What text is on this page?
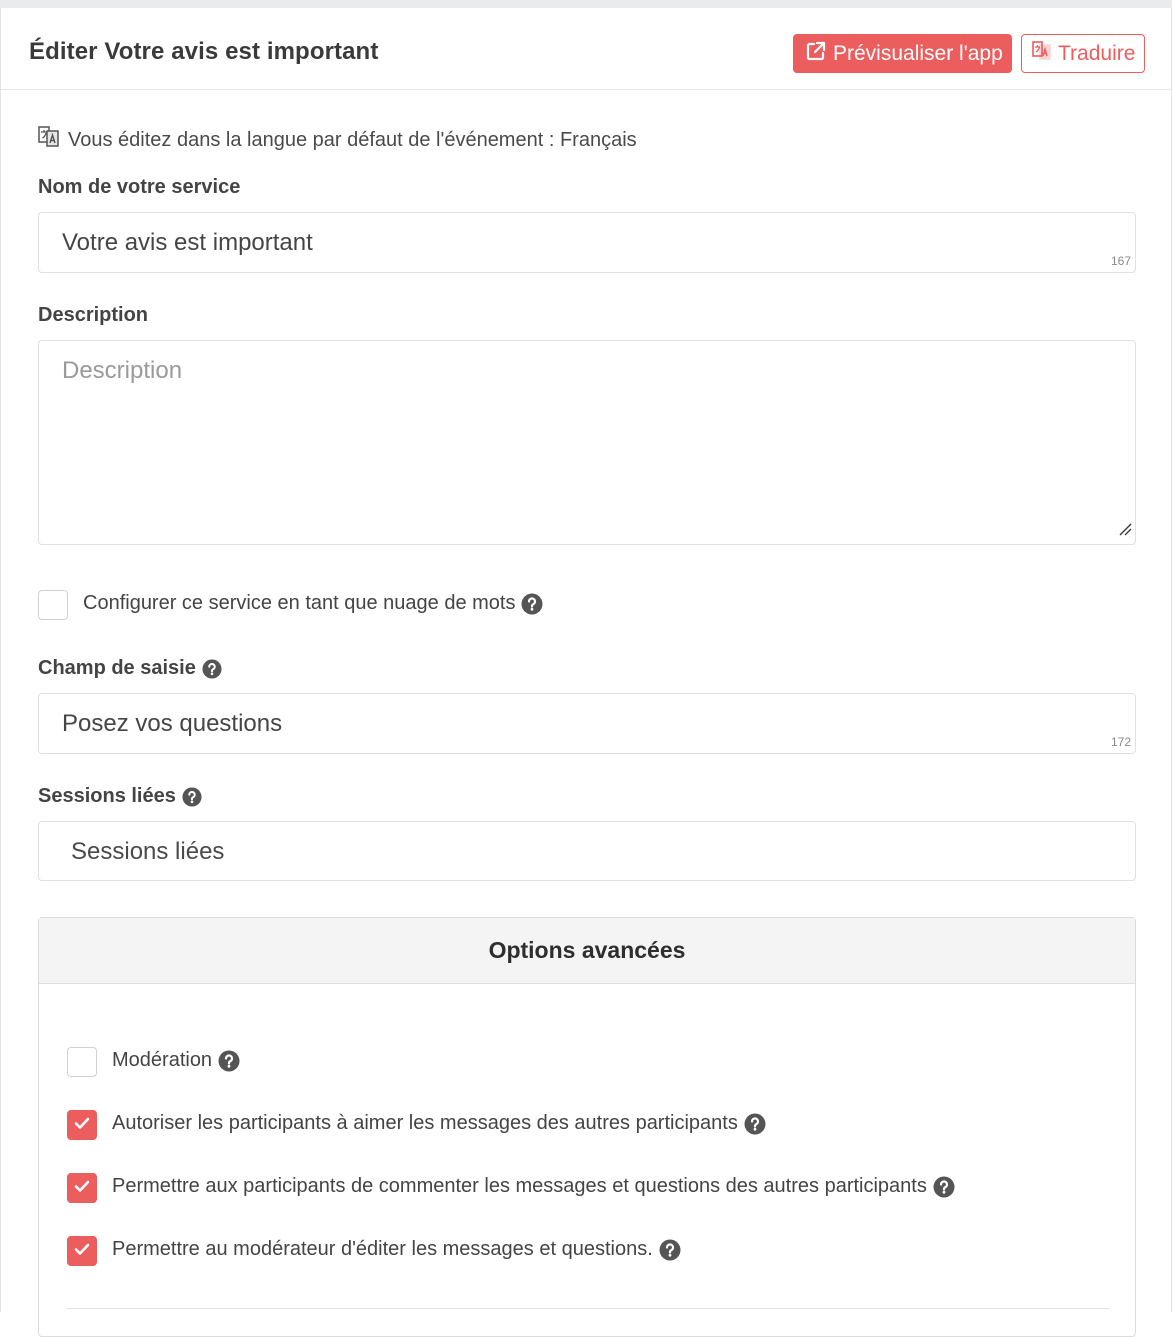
Éditer Votre avis est important	Prévisualiser l'app	Traduire
Vous éditez dans la langue par défaut de l'événement : Français
Nom de votre service
Votre avis est important
167
Description
Description
Configurer ce service en tant que nuage de mots
Champ de saisie
Posez vos questions
172
Sessions liées
Sessions liées
Options avancées
Modération
Autoriser les participants à aimer les messages des autres participants
Permettre aux participants de commenter les messages et questions des autres participants
Permettre au modérateur d'éditer les messages et questions.
